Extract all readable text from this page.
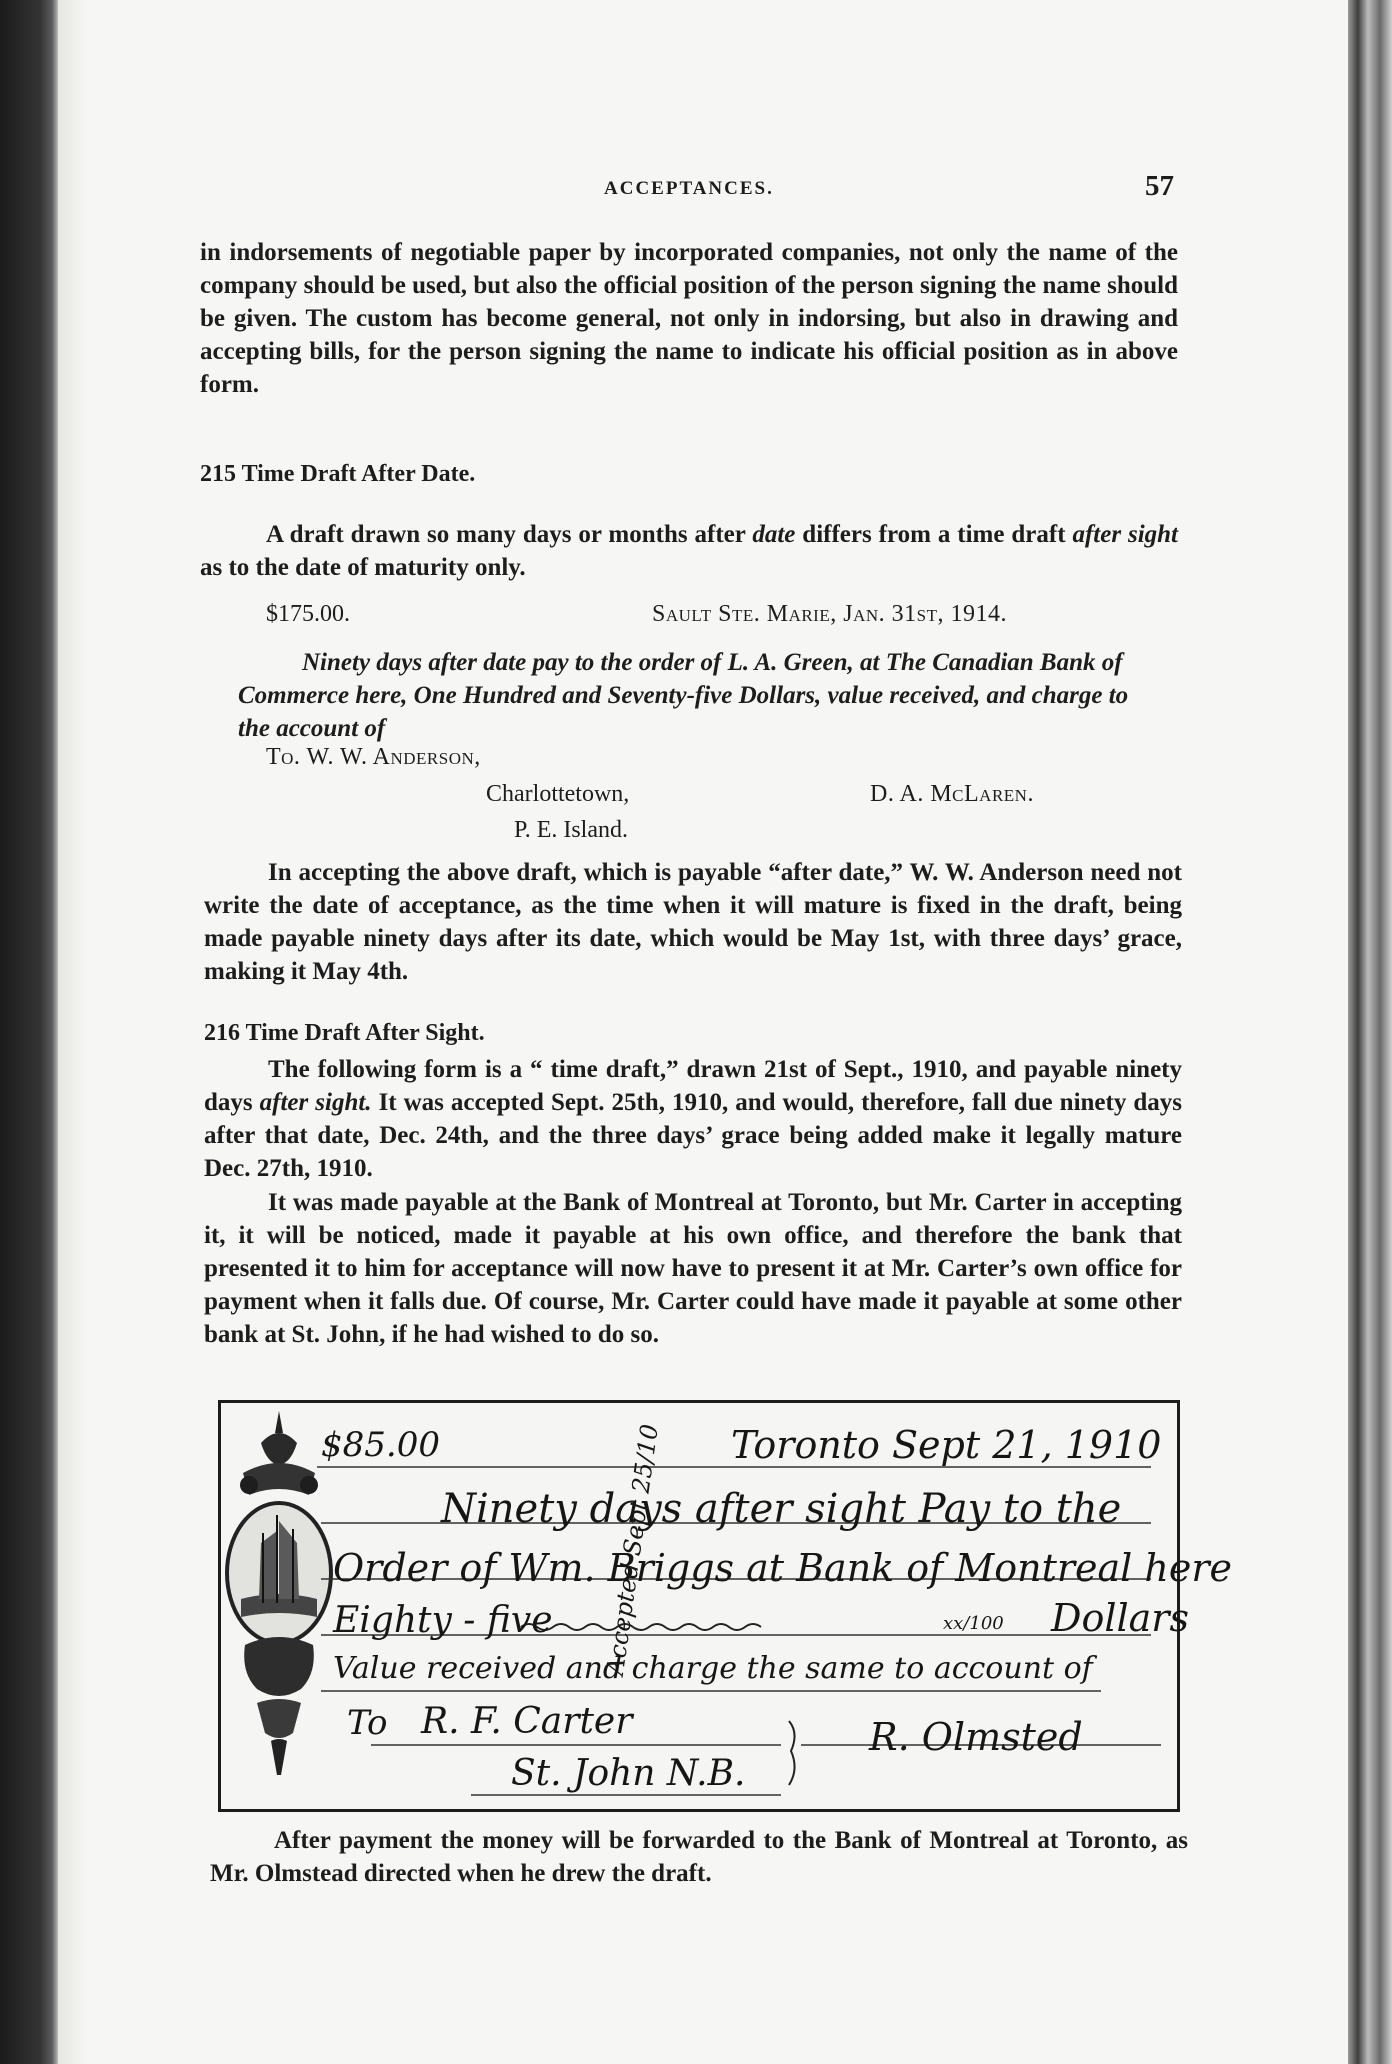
ACCEPTANCES.	57
in indorsements of negotiable paper by incorporated companies, not only the name of the company should be used, but also the official position of the person signing the name should be given. The custom has become general, not only in indorsing, but also in drawing and accepting bills, for the person signing the name to indicate his official position as in above form.
215 Time Draft After Date.
A draft drawn so many days or months after date differs from a time draft after sight as to the date of maturity only.
$175.00.	Sault Ste. Marie, Jan. 31st, 1914.
Ninety days after date pay to the order of L. A. Green, at The Canadian Bank of Commerce here, One Hundred and Seventy-five Dollars, value received, and charge to the account of
To. W. W. Anderson,
Charlottetown,
P. E. Island.
D. A. McLaren.
In accepting the above draft, which is payable “after date,” W. W. Anderson need not write the date of acceptance, as the time when it will mature is fixed in the draft, being made payable ninety days after its date, which would be May 1st, with three days’ grace, making it May 4th.
216 Time Draft After Sight.
The following form is a “ time draft,” drawn 21st of Sept., 1910, and payable ninety days after sight. It was accepted Sept. 25th, 1910, and would, therefore, fall due ninety days after that date, Dec. 24th, and the three days’ grace being added make it legally mature Dec. 27th, 1910.
It was made payable at the Bank of Montreal at Toronto, but Mr. Carter in accepting it, it will be noticed, made it payable at his own office, and therefore the bank that presented it to him for acceptance will now have to present it at Mr. Carter’s own office for payment when it falls due. Of course, Mr. Carter could have made it payable at some other bank at St. John, if he had wished to do so.
$85.00	Toronto Sept 21, 1910
Ninety days after sight Pay to the
Order of Wm. Briggs at Bank of Montreal here
Eighty - five	xx/100 Dollars
Value received and charge the same to account of
To R. F. Carter
St. John N.B.
R. Olmsted
Accepted Sept 25/10
After payment the money will be forwarded to the Bank of Montreal at Toronto, as Mr. Olmstead directed when he drew the draft.
